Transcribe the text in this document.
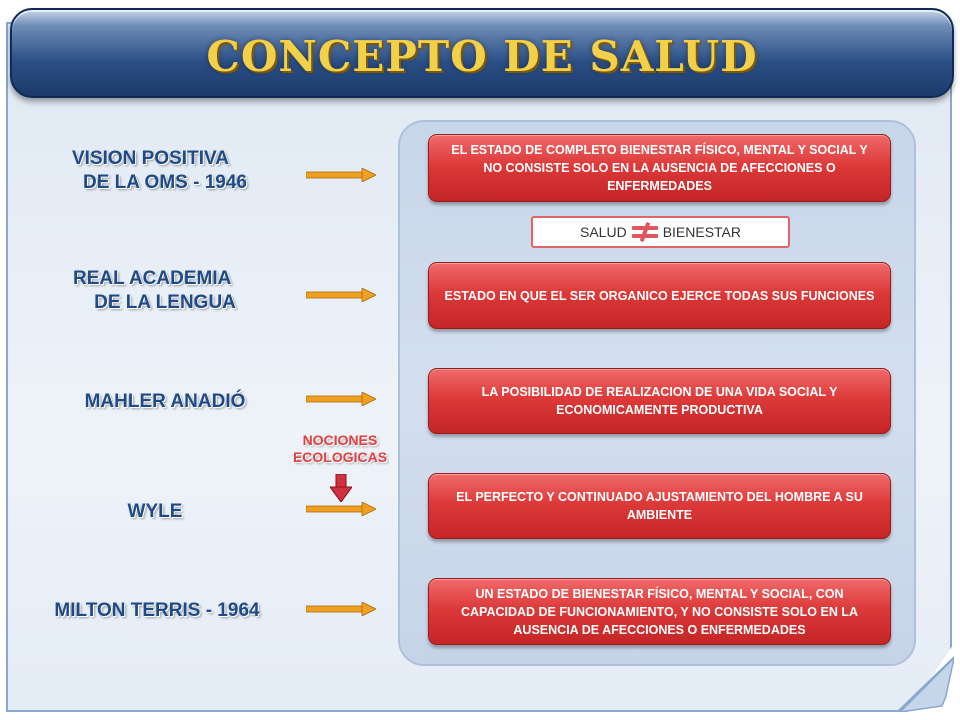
CONCEPTO DE SALUD
VISION POSITIVA
DE LA OMS - 1946
REAL ACADEMIA
DE LA LENGUA
MAHLER ANADIÓ
WYLE
MILTON TERRIS - 1964
EL ESTADO DE COMPLETO BIENESTAR FÍSICO, MENTAL Y SOCIAL Y NO CONSISTE SOLO EN LA AUSENCIA DE AFECCIONES O ENFERMEDADES
ESTADO EN QUE EL SER ORGANICO EJERCE TODAS SUS FUNCIONES
LA POSIBILIDAD DE REALIZACION DE UNA VIDA SOCIAL Y ECONOMICAMENTE PRODUCTIVA
EL PERFECTO Y CONTINUADO AJUSTAMIENTO DEL HOMBRE A SU AMBIENTE
UN ESTADO DE BIENESTAR FÍSICO, MENTAL Y SOCIAL, CON CAPACIDAD DE FUNCIONAMIENTO, Y NO CONSISTE SOLO EN LA AUSENCIA DE AFECCIONES O ENFERMEDADES
SALUD	BIENESTAR
NOCIONES
ECOLOGICAS
